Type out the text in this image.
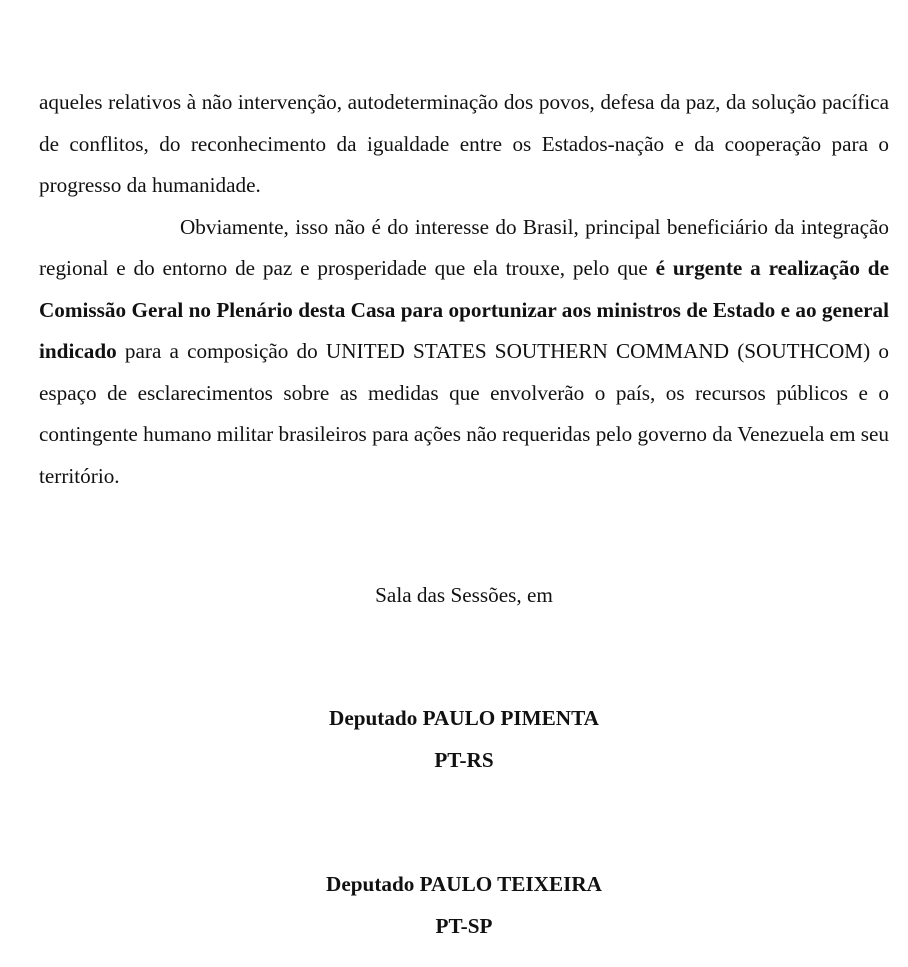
aqueles relativos à não intervenção, autodeterminação dos povos, defesa da paz, da solução pacífica de conflitos, do reconhecimento da igualdade entre os Estados-nação e da cooperação para o progresso da humanidade.

Obviamente, isso não é do interesse do Brasil, principal beneficiário da integração regional e do entorno de paz e prosperidade que ela trouxe, pelo que é urgente a realização de Comissão Geral no Plenário desta Casa para oportunizar aos ministros de Estado e ao general indicado para a composição do UNITED STATES SOUTHERN COMMAND (SOUTHCOM) o espaço de esclarecimentos sobre as medidas que envolverão o país, os recursos públicos e o contingente humano militar brasileiros para ações não requeridas pelo governo da Venezuela em seu território.

Sala das Sessões, em
Deputado PAULO PIMENTA
PT-RS
Deputado PAULO TEIXEIRA
PT-SP
